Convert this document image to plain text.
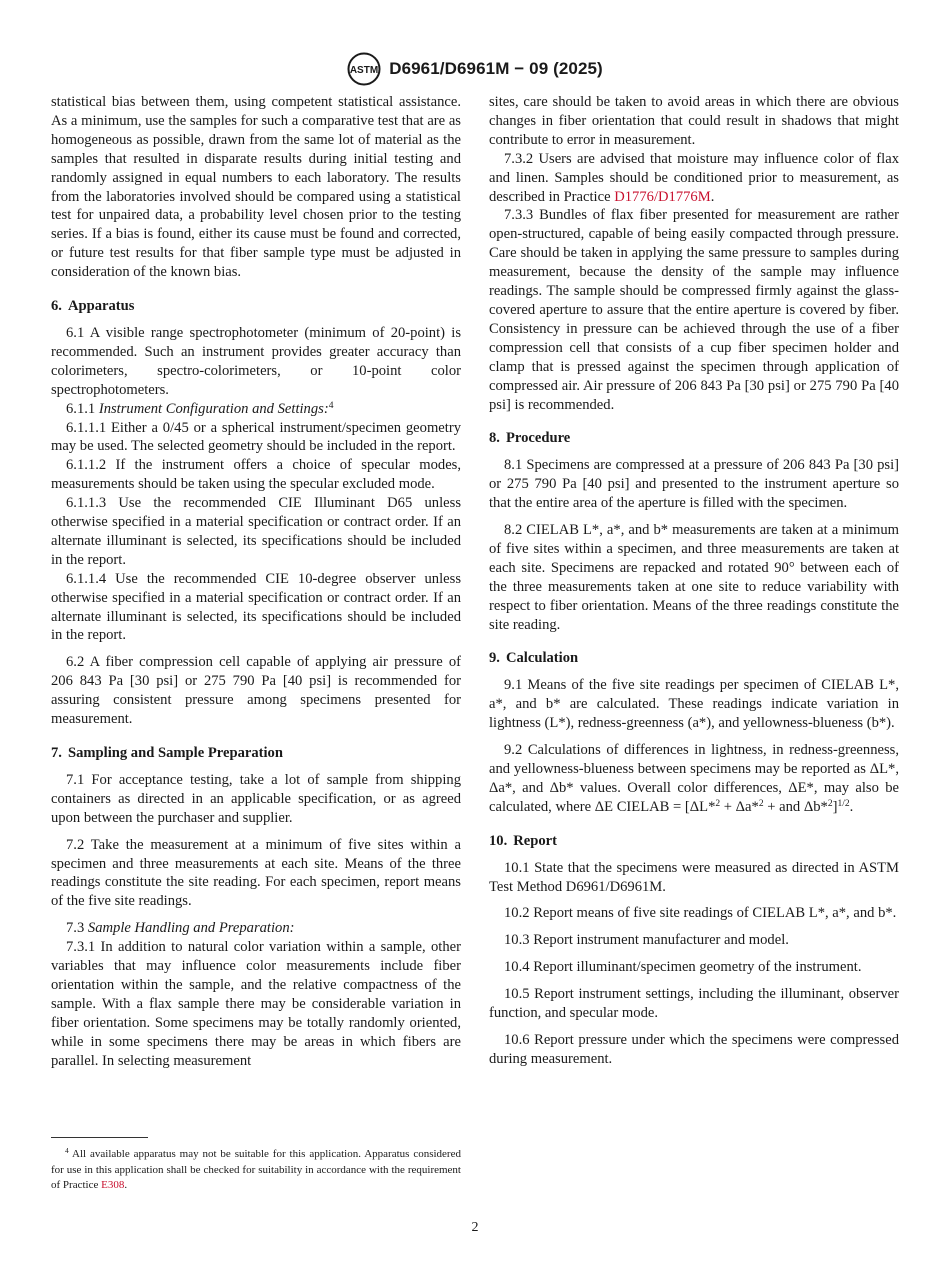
ASTM D6961/D6961M − 09 (2025)

statistical bias between them, using competent statistical assistance. As a minimum, use the samples for such a comparative test that are as homogeneous as possible, drawn from the same lot of material as the samples that resulted in disparate results during initial testing and randomly assigned in equal numbers to each laboratory. The results from the laboratories involved should be compared using a statistical test for unpaired data, a probability level chosen prior to the testing series. If a bias is found, either its cause must be found and corrected, or future test results for that fiber sample type must be adjusted in consideration of the known bias.

6. Apparatus

6.1 A visible range spectrophotometer (minimum of 20-point) is recommended. Such an instrument provides greater accuracy than colorimeters, spectro-colorimeters, or 10-point color spectrophotometers.

6.1.1 Instrument Configuration and Settings:$^4$

6.1.1.1 Either a 0/45 or a spherical instrument/specimen geometry may be used. The selected geometry should be included in the report.

6.1.1.2 If the instrument offers a choice of specular modes, measurements should be taken using the specular excluded mode.

6.1.1.3 Use the recommended CIE Illuminant D65 unless otherwise specified in a material specification or contract order. If an alternate illuminant is selected, its specifications should be included in the report.

6.1.1.4 Use the recommended CIE 10-degree observer unless otherwise specified in a material specification or contract order. If an alternate illuminant is selected, its specifications should be included in the report.

6.2 A fiber compression cell capable of applying air pressure of 206 843 Pa [30 psi] or 275 790 Pa [40 psi] is recommended for assuring consistent pressure among specimens presented for measurement.

7. Sampling and Sample Preparation

7.1 For acceptance testing, take a lot of sample from shipping containers as directed in an applicable specification, or as agreed upon between the purchaser and supplier.

7.2 Take the measurement at a minimum of five sites within a specimen and three measurements at each site. Means of the three readings constitute the site reading. For each specimen, report means of the five site readings.

7.3 Sample Handling and Preparation:

7.3.1 In addition to natural color variation within a sample, other variables that may influence color measurements include fiber orientation within the sample, and the relative compactness of the sample. With a flax sample there may be considerable variation in fiber orientation. Some specimens may be totally randomly oriented, while in some specimens there may be areas in which fibers are parallel. In selecting measurement

sites, care should be taken to avoid areas in which there are obvious changes in fiber orientation that could result in shadows that might contribute to error in measurement.

7.3.2 Users are advised that moisture may influence color of flax and linen. Samples should be conditioned prior to measurement, as described in Practice D1776/D1776M.

7.3.3 Bundles of flax fiber presented for measurement are rather open-structured, capable of being easily compacted through pressure. Care should be taken in applying the same pressure to samples during measurement, because the density of the sample may influence readings. The sample should be compressed firmly against the glass-covered aperture to assure that the entire aperture is covered by fiber. Consistency in pressure can be achieved through the use of a fiber compression cell that consists of a cup fiber specimen holder and clamp that is pressed against the specimen through application of compressed air. Air pressure of 206 843 Pa [30 psi] or 275 790 Pa [40 psi] is recommended.

8. Procedure

8.1 Specimens are compressed at a pressure of 206 843 Pa [30 psi] or 275 790 Pa [40 psi] and presented to the instrument aperture so that the entire area of the aperture is filled with the specimen.

8.2 CIELAB L*, a*, and b* measurements are taken at a minimum of five sites within a specimen, and three measurements are taken at each site. Specimens are repacked and rotated 90° between each of the three measurements taken at one site to reduce variability with respect to fiber orientation. Means of the three readings constitute the site reading.

9. Calculation

9.1 Means of the five site readings per specimen of CIELAB L*, a*, and b* are calculated. These readings indicate variation in lightness (L*), redness-greenness (a*), and yellowness-blueness (b*).

9.2 Calculations of differences in lightness, in redness-greenness, and yellowness-blueness between specimens may be reported as ΔL*, Δa*, and Δb* values. Overall color differences, ΔE*, may also be calculated, where ΔE CIELAB = [ΔL*$^2$ + Δa*$^2$ + and Δb*$^2$]$^{1/2}$.

10. Report

10.1 State that the specimens were measured as directed in ASTM Test Method D6961/D6961M.

10.2 Report means of five site readings of CIELAB L*, a*, and b*.

10.3 Report instrument manufacturer and model.

10.4 Report illuminant/specimen geometry of the instrument.

10.5 Report instrument settings, including the illuminant, observer function, and specular mode.

10.6 Report pressure under which the specimens were compressed during measurement.

$^4$ All available apparatus may not be suitable for this application. Apparatus considered for use in this application shall be checked for suitability in accordance with the requirement of Practice E308.
2
